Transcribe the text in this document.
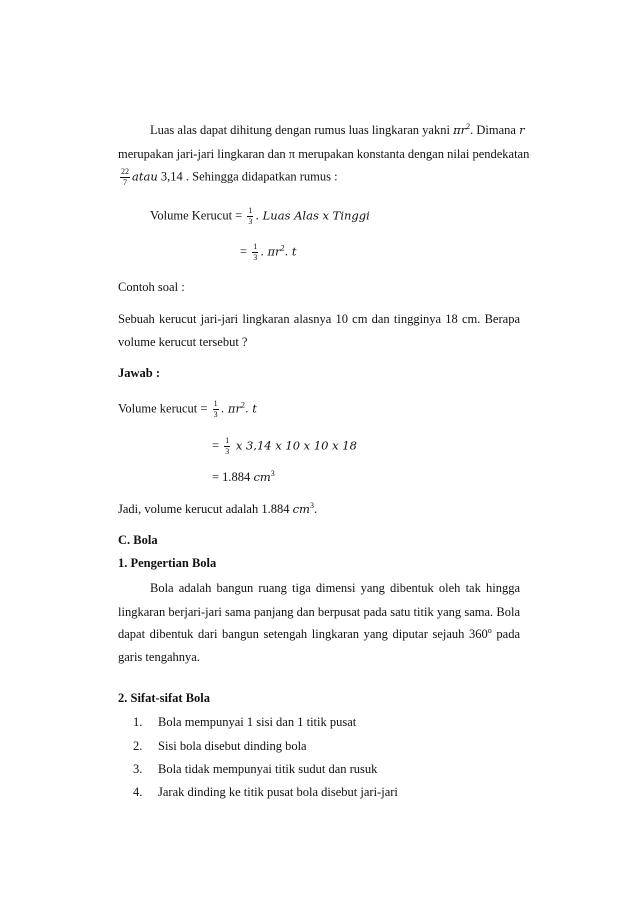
Luas alas dapat dihitung dengan rumus luas lingkaran yakni $\pi r^2$. Dimana r
merupakan jari-jari lingkaran dan π merupakan konstanta dengan nilai pendekatan
$\frac{22}{7}$ atau 3,14 . Sehingga didapatkan rumus :
Volume Kerucut = $\frac{1}{3}$ . Luas Alas x Tinggi
= $\frac{1}{3}$ . $\pi r^2$. t
Contoh soal :
Sebuah kerucut jari-jari lingkaran alasnya 10 cm dan tingginya 18 cm. Berapa
volume kerucut tersebut ?
Jawab :
Volume kerucut = $\frac{1}{3}$ . $\pi r^2$. t
= $\frac{1}{3}$ x 3,14 x 10 x 10 x 18
= 1.884 $cm^3$
Jadi, volume kerucut adalah 1.884 $cm^3$.
C. Bola
1. Pengertian Bola
Bola adalah bangun ruang tiga dimensi yang dibentuk oleh tak hingga
lingkaran berjari-jari sama panjang dan berpusat pada satu titik yang sama. Bola
dapat dibentuk dari bangun setengah lingkaran yang diputar sejauh 360$^o$ pada
garis tengahnya.
2. Sifat-sifat Bola
1. Bola mempunyai 1 sisi dan 1 titik pusat
2. Sisi bola disebut dinding bola
3. Bola tidak mempunyai titik sudut dan rusuk
4. Jarak dinding ke titik pusat bola disebut jari-jari
